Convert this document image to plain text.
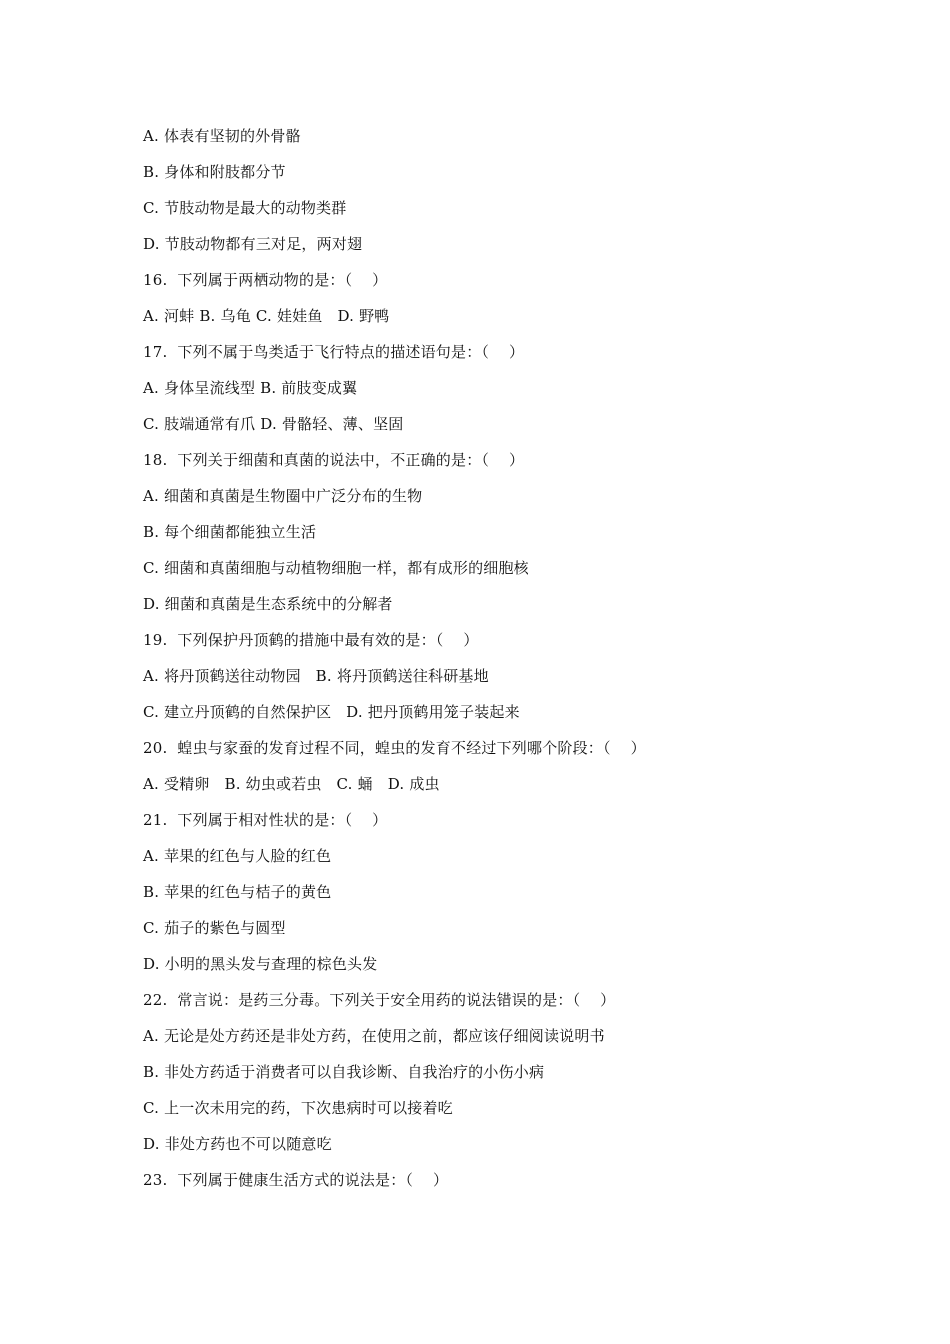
A. 体表有坚韧的外骨骼
B. 身体和附肢都分节
C. 节肢动物是最大的动物类群
D. 节肢动物都有三对足，两对翅
16.  下列属于两栖动物的是：（    ）
A. 河蚌 B. 乌龟 C. 娃娃鱼   D. 野鸭
17.  下列不属于鸟类适于飞行特点的描述语句是：（    ）
A. 身体呈流线型 B. 前肢变成翼
C. 肢端通常有爪 D. 骨骼轻、薄、坚固
18.  下列关于细菌和真菌的说法中，不正确的是：（    ）
A. 细菌和真菌是生物圈中广泛分布的生物
B. 每个细菌都能独立生活
C. 细菌和真菌细胞与动植物细胞一样，都有成形的细胞核
D. 细菌和真菌是生态系统中的分解者
19.  下列保护丹顶鹤的措施中最有效的是：（    ）
A. 将丹顶鹤送往动物园   B. 将丹顶鹤送往科研基地
C. 建立丹顶鹤的自然保护区   D. 把丹顶鹤用笼子装起来
20.  蝗虫与家蚕的发育过程不同，蝗虫的发育不经过下列哪个阶段：（    ）
A. 受精卵   B. 幼虫或若虫   C. 蛹   D. 成虫
21.  下列属于相对性状的是：（    ）
A. 苹果的红色与人脸的红色
B. 苹果的红色与桔子的黄色
C. 茄子的紫色与圆型
D. 小明的黑头发与查理的棕色头发
22.  常言说：是药三分毒。下列关于安全用药的说法错误的是：（    ）
A. 无论是处方药还是非处方药，在使用之前，都应该仔细阅读说明书
B. 非处方药适于消费者可以自我诊断、自我治疗的小伤小病
C. 上一次未用完的药，下次患病时可以接着吃
D. 非处方药也不可以随意吃
23.  下列属于健康生活方式的说法是：（    ）
